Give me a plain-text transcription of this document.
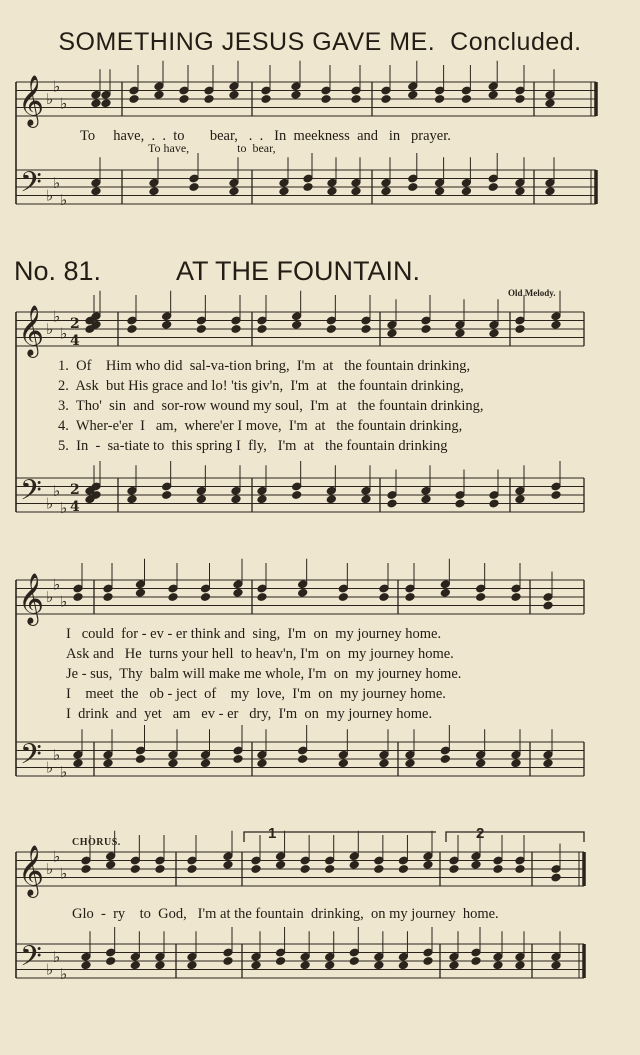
SOMETHING JESUS GAVE ME. Concluded.
No. 81.	AT THE FOUNTAIN.
Old Melody.
𝄞
𝄢
♭
♭
♭
♭
♭
♭
𝄞
𝄢
♭
♭
♭
♭
♭
♭
2
4
2
4
𝄞
𝄢
♭
♭
♭
♭
♭
♭
𝄞
𝄢
♭
♭
♭
♭
♭
♭
To     have,  .  .  to       bear,   .  .   In  meekness  and   in   prayer.
To have,                to  bear,
1.  Of    Him who did  sal-va-tion bring,  I'm  at   the fountain drinking,
2.  Ask  but His grace and lo! 'tis giv'n,  I'm  at   the fountain drinking,
3.  Tho'  sin  and  sor-row wound my soul,  I'm  at   the fountain drinking,
4.  Wher-e'er  I   am,  where'er I move,  I'm  at   the fountain drinking,
5.  In  -  sa-tiate to  this spring I  fly,   I'm  at   the fountain drinking
I   could  for - ev - er think and  sing,  I'm  on  my journey home.
Ask and   He  turns your hell  to heav'n, I'm  on  my journey home.
Je - sus,  Thy  balm will make me whole, I'm  on  my journey home.
I    meet  the   ob - ject  of    my  love,  I'm  on  my journey home.
I  drink  and  yet   am   ev - er   dry,  I'm  on  my journey home.
CHORUS.
1	2
Glo  -  ry    to  God,   I'm at the fountain  drinking,  on my journey  home.
